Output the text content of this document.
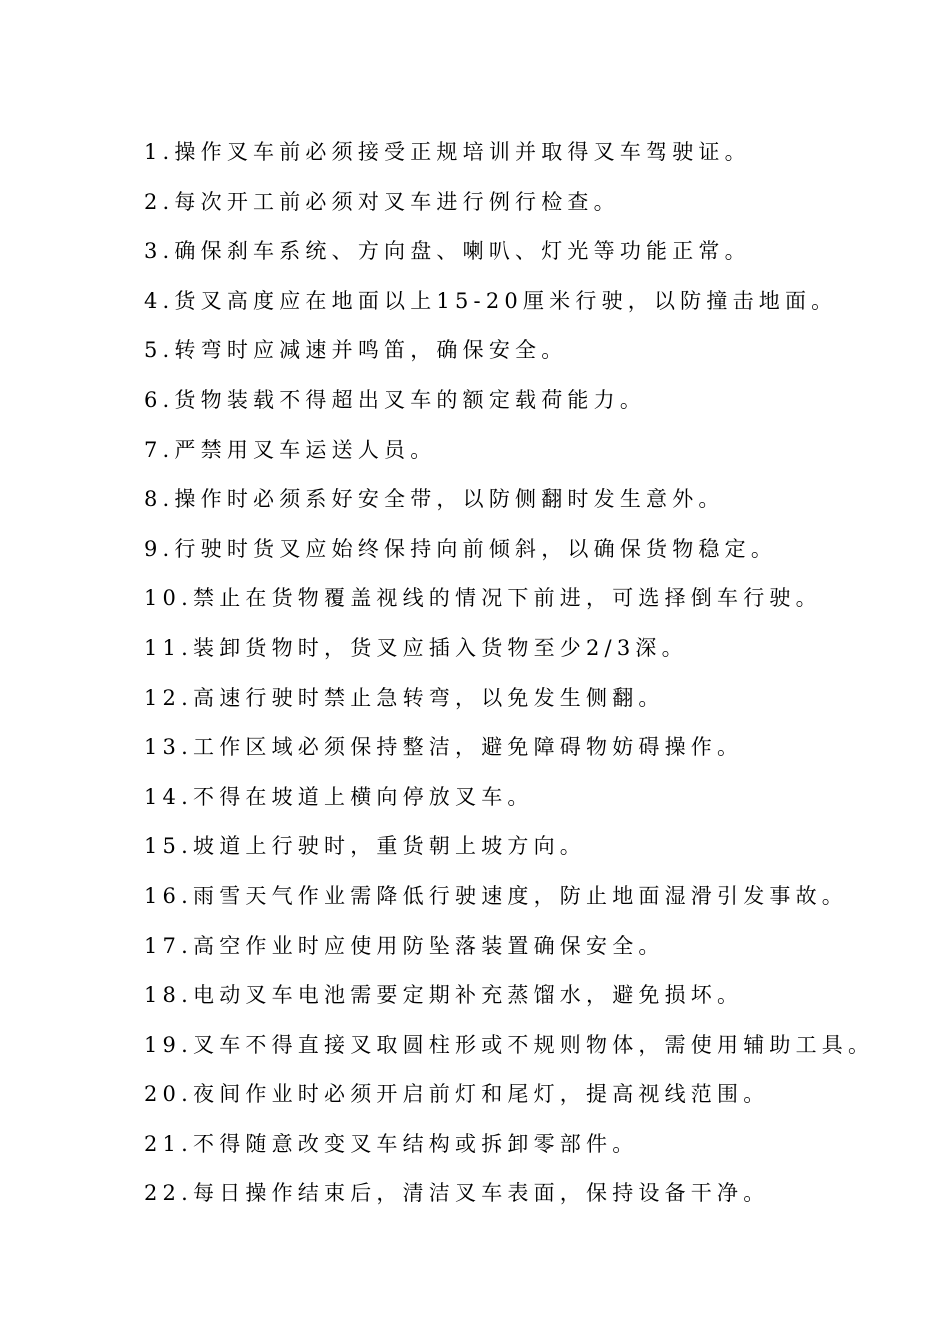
1.操作叉车前必须接受正规培训并取得叉车驾驶证。
2.每次开工前必须对叉车进行例行检查。
3.确保刹车系统、方向盘、喇叭、灯光等功能正常。
4.货叉高度应在地面以上15-20厘米行驶，以防撞击地面。
5.转弯时应减速并鸣笛，确保安全。
6.货物装载不得超出叉车的额定载荷能力。
7.严禁用叉车运送人员。
8.操作时必须系好安全带，以防侧翻时发生意外。
9.行驶时货叉应始终保持向前倾斜，以确保货物稳定。
10.禁止在货物覆盖视线的情况下前进，可选择倒车行驶。
11.装卸货物时，货叉应插入货物至少2/3深。
12.高速行驶时禁止急转弯，以免发生侧翻。
13.工作区域必须保持整洁，避免障碍物妨碍操作。
14.不得在坡道上横向停放叉车。
15.坡道上行驶时，重货朝上坡方向。
16.雨雪天气作业需降低行驶速度，防止地面湿滑引发事故。
17.高空作业时应使用防坠落装置确保安全。
18.电动叉车电池需要定期补充蒸馏水，避免损坏。
19.叉车不得直接叉取圆柱形或不规则物体，需使用辅助工具。
20.夜间作业时必须开启前灯和尾灯，提高视线范围。
21.不得随意改变叉车结构或拆卸零部件。
22.每日操作结束后，清洁叉车表面，保持设备干净。
